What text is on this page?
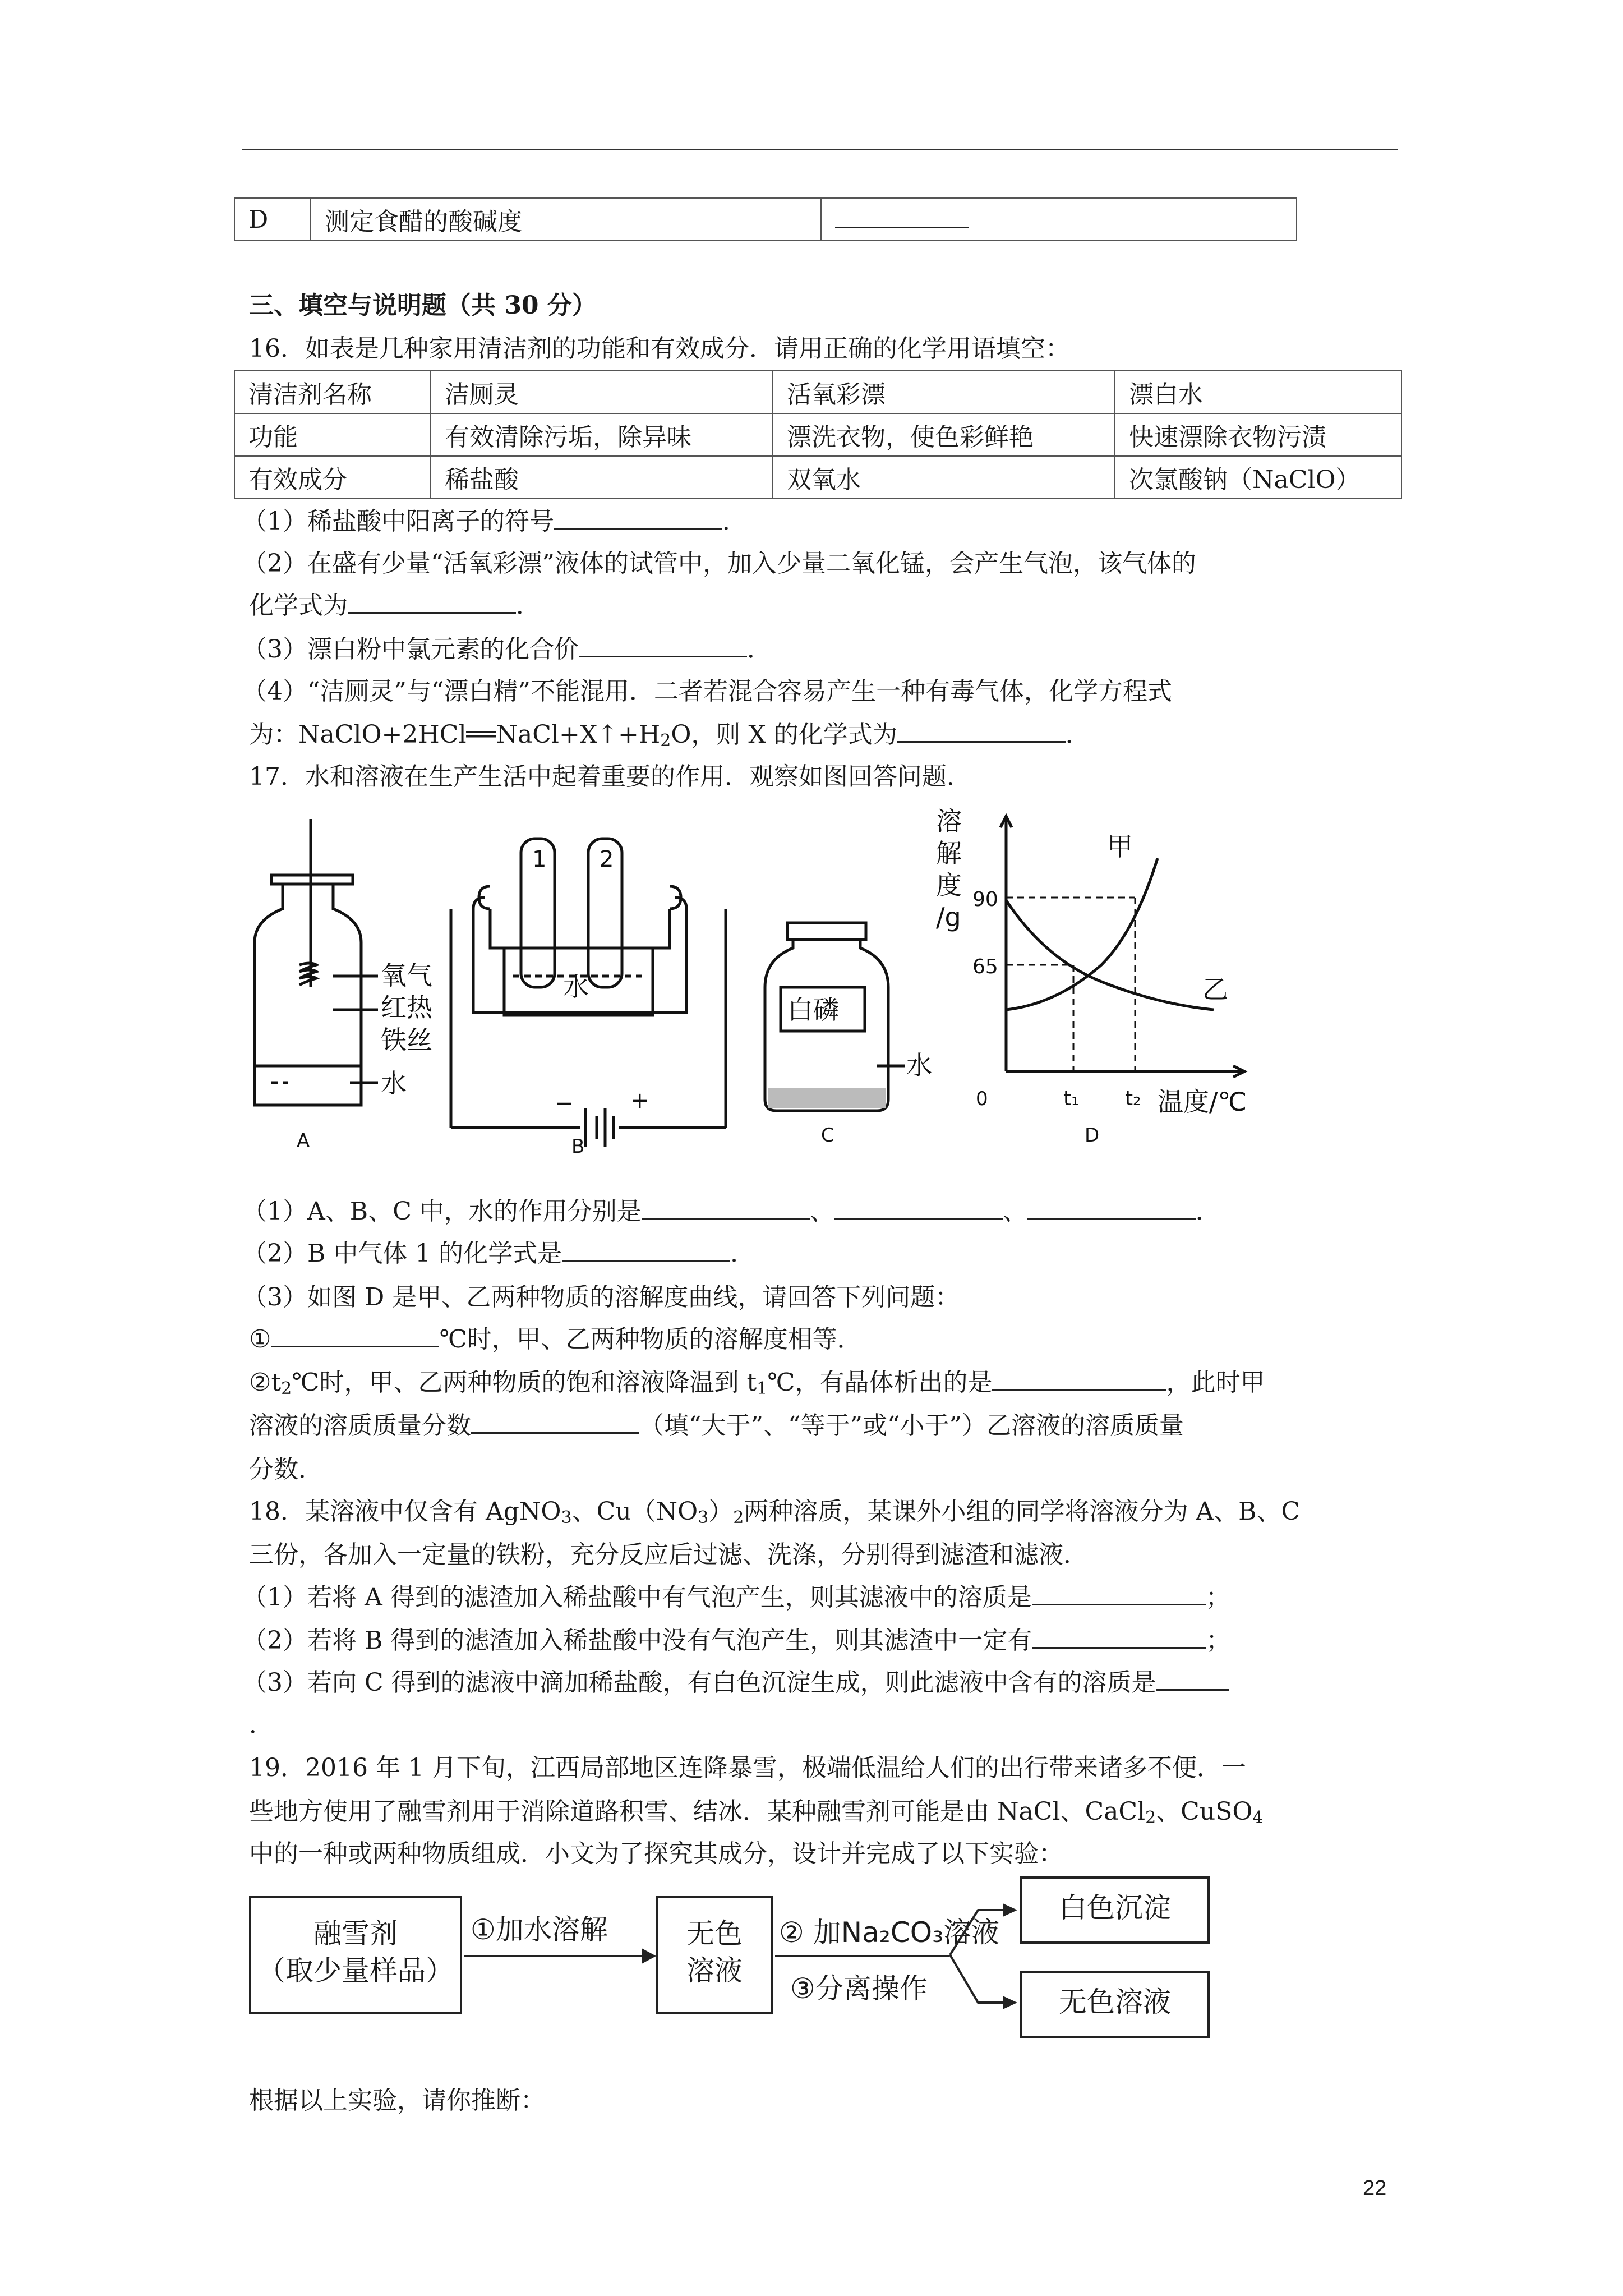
D	测定食醋的酸碱度	
三、填空与说明题（共 30 分）
16．如表是几种家用清洁剂的功能和有效成分．请用正确的化学用语填空：
清洁剂名称	洁厕灵	活氧彩漂	漂白水
功能	有效清除污垢，除异味	漂洗衣物，使色彩鲜艳	快速漂除衣物污渍
有效成分	稀盐酸	双氧水	次氯酸钠（NaClO）
（1）稀盐酸中阳离子的符号	．
（2）在盛有少量“活氧彩漂”液体的试管中，加入少量二氧化锰，会产生气泡，该气体的
化学式为	．
（3）漂白粉中氯元素的化合价	．
（4）“洁厕灵”与“漂白精”不能混用．二者若混合容易产生一种有毒气体，化学方程式
为：$NaClO+2HCl══NaCl+X↑+H_2O$，则 X 的化学式为	．
17．水和溶液在生产生活中起着重要的作用．观察如图回答问题．
氧气
红热
铁丝
水
A
1 2
水
−	+
B
白磷
水
C
溶
解
度
/g
90
65
0	t₁ t₂ 温度/℃
甲
乙
D
（1）A、B、C 中，水的作用分别是	、	、	．
（2）B 中气体 1 的化学式是	．
（3）如图 D 是甲、乙两种物质的溶解度曲线，请回答下列问题：
①	℃时，甲、乙两种物质的溶解度相等．
$②t_2℃$时，甲、乙两种物质的饱和溶液降温到 $t_1℃$，有晶体析出的是	，此时甲
溶液的溶质质量分数	（填“大于”、“等于”或“小于”）乙溶液的溶质质量
分数．
18．某溶液中仅含有 AgNO$_3$、$Cu(NO_3)_2$两种溶质，某课外小组的同学将溶液分为 A、B、C
三份，各加入一定量的铁粉，充分反应后过滤、洗涤，分别得到滤渣和滤液．
（1）若将 A 得到的滤渣加入稀盐酸中有气泡产生，则其滤液中的溶质是	；
（2）若将 B 得到的滤渣加入稀盐酸中没有气泡产生，则其滤渣中一定有	；
（3）若向 C 得到的滤液中滴加稀盐酸，有白色沉淀生成，则此滤液中含有的溶质是
．
19．2016 年 1 月下旬，江西局部地区连降暴雪，极端低温给人们的出行带来诸多不便．一
些地方使用了融雪剂用于消除道路积雪、结冰．某种融雪剂可能是由 NaCl、CaCl$_2$、CuSO$_4$
中的一种或两种物质组成．小文为了探究其成分，设计并完成了以下实验：
融雪剂
（取少量样品）
①加水溶解	无色
溶液
② 加Na₂CO₃溶液
③分离操作
白色沉淀
无色溶液
根据以上实验，请你推断：
22
